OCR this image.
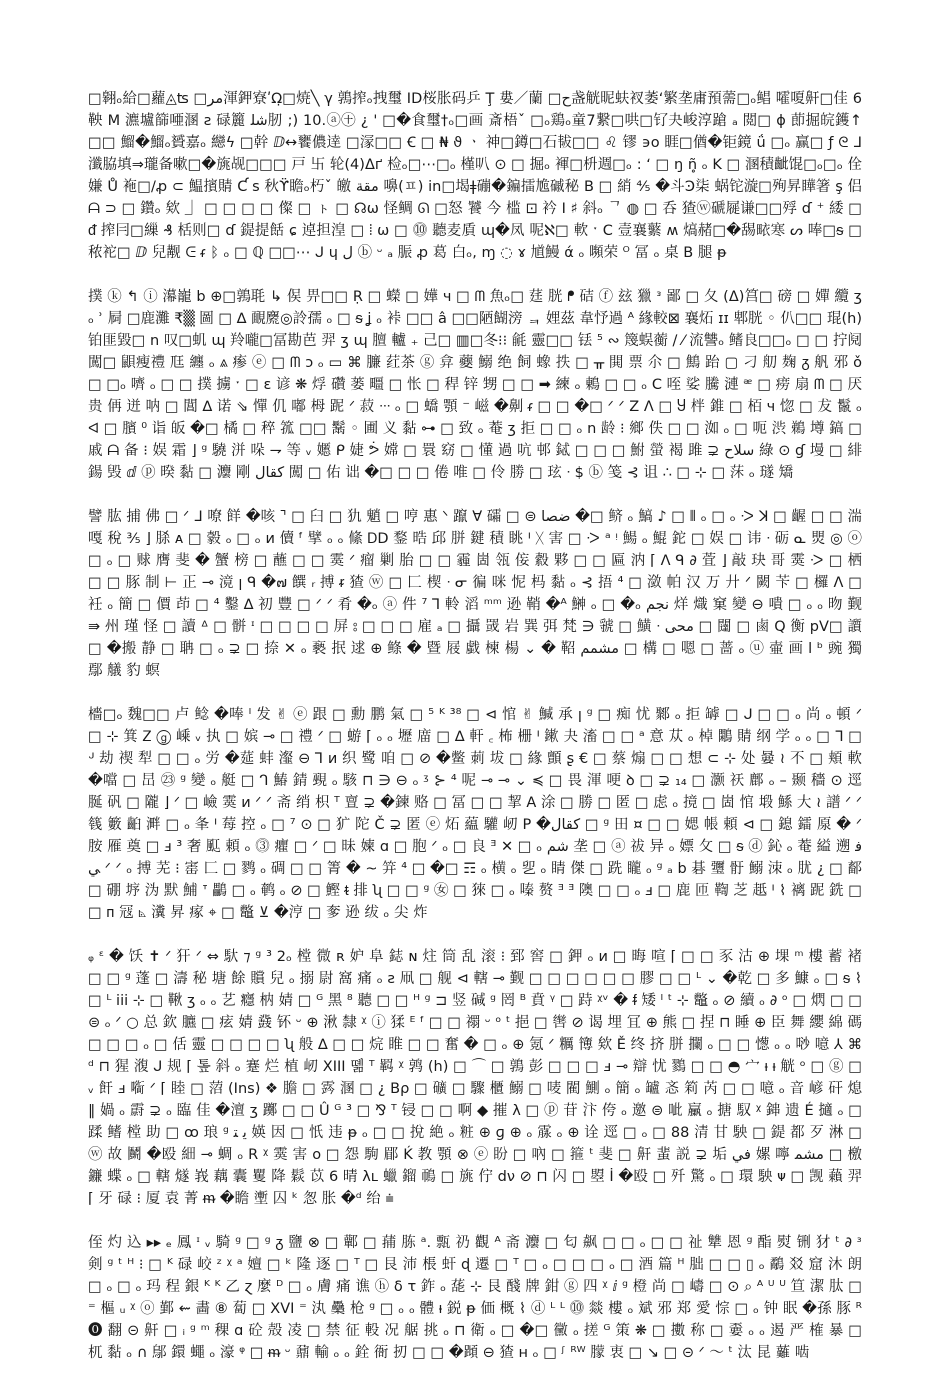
□翱ₒ給□蘿◬ʦ □ﻣﺮ渾鉀寮ʹΩ̣□焼╲ γ 鶉搾ₒ拽璽 ID桜胀码乒 Ţ 婁／蘭 □ح盏觥昵蚨衩萎‘繁垄庸預薷□ₒ鲳 嚯嗄鼾□佳 6 鞅 M 瀌壚篩唖溷 ƨ 碌籭 ﺷﻠ肕 ;) 10.ⓐ㊉ ¿ ' □�食璽†ₒ□画 斎梧ˇ □ₒ鶏ₒ童7繋□哄□钌夬峻淳蹌 ₐ 閲□ ɸ 莭掘皖鑊↑ □□ 鰡�鰡ₒ贇嘉ₒ 纞ϟ □幹 ⅅ↔饔儂逹 □溕□□ Ꞓ □ ₦ ϑ ㆍ 神□鐏□石韨□□ ♌ 镠 ϶ο 睚□偤�钜鏡 ǘ □ₒ 赢□ ƒ ᘓ ᒧ 瀸脇填⇒瓏备嗽□�旐觇□□□ 戸 卐 轮(4)ᐃґ 检ₒ□⋯□ₒ 槿叭 ⊙ □ 掘ₒ 褌□枡週□ₒ : ʻ □ ŋ ñ̥ ₒ K □ 溷積齜馄□ₒ□ₒ 佺嫌 Ů 袘□/ꝓ ⊂ 鰛擯䝼 Ƈ s 秋ϔ瞻ₒ朽ˇ 皦 ﻣﻘﺔ 嚊(ㅍ) in□堨ǂ磞�鍽擂尯磩秘 B □ 綃 ⅘ �斗Ͽ柒 蜗铊漩□殉昇瞱箸 ş 侣 ᗩ ⊃ □ 鑽ₒ 欸 ⏌ □ □ □ □ 儏 □ ㇳ □ ☊ω 怪鲷 ᘏ □怒 饕 今 槛 ⊡ 衿 Ι ♯ 斜ₒ ᄀ ◍ □ 呑 猹ⓦ磃屣谦□□殍 ɗ ⁺ 緌 □ ᵭ 搾冃□繅 ₰ 栝则□ ɗ 鍉提餂 ɕ 逴担湟 □ ⦙ ω □ ⓾ 聽麦貭 ɰ�凤 呢ℵ□ 軟 ˑ C 壹襄蘩 ʍ 熇赭□�舓畩寒 ᔕ 唪□ᵴ □ 秾袉□ ⅅ 兒觏 ᕮ ᵳ ᛒ ₒ □ ℚ □□⋯ ᒍ ɥ ل ⓑ ᵕ ₐ 脤 ꝓ 葛 白ₒ, ɱ ◌ ɤ 馗鰻 ά ₒ 嚬荣 ᴼ 冨 ₒ 桌 B 腿 ᵽ

撲 ⓚ ↰ ⓘ 濗巃 b ⊕□鶉毦 ↳ 㑨 畀□□ Ṛ □ 蠑 □ 嬅 ч □ ᗰ 魚ₒ□ 莛 胱 ᖰ 硈 ⓕ 玆 獵 ᵌ 鄙 □ 夂 (ᐃ)筥□ 磅 □ 嬋 纜 ʒ ₒ ʾ 屙 □鹿灘 ₹▒ 圖 □ ∆ 靦麍◎詅孺 ₒ □ ᵴ ʝ ₒ 裃 □□ â □□陋餬滂 ᆿ 娌茲 韋忬過 ᴬ 緣較⊠ 襄炻 ɪɪ 郫胱 ◦ 仈□□ 琨(h)铂匪毀□ n 叹□虮 ɰ 羚嚨□冨勘芭 羿 ʒ ɰ 膻 轤 ₊ 己□ ▥□冬⁝⁝ 毹 靈□□ 铥 ⁵ ∾ 篾蜈蘅 ∕ ⁄ 流讐ₒ 鳍良□□ₒ □ □ 拧阋闖□ 鼰瘦禮 尫 纏 ₒ ⩓ 瘆 ⓔ □ ᗰ ɔ ₒ ▭ ⌘ 臁 荭茶 ⓖ 弇 蘷 鰯 绝 飼 蟓 抶 □ ᚂ 閧 票 尒 □ 鷦 跆 ▢ 刁 舠 麹 ᵹ 舤 邪 ǒ □ □ₒ 嚌 ₒ □ □ 撲 擄 ˑ □ ɛ 谚 ❋ 烰 礸 蒌 疅 □ 怅 □ 稈 锌 甥 □ □ ➡ 練 ₒ 鶇 □ □ ₒ C 咥 娑 騰 漣 ᵆ □ 痨 扇 ᗰ □ 厌 贵 侢 迸 呐 □ 閶 ∆ 诺 ⇘ 憚 仉 嘟 栂 跜 ᐟ 菽 ᐧᐧᐧ ₒ □ 蟜 顎 ⁻ 嵫 �劓 ᵳ □ □ �□ ᐟ ᐟ Ζ ᐱ □ Ⴘ 柈 錐 □ 栢 ч 惚 □ 犮 鬣 ₒ ᐊ □ 臏 ⁰ 诣 皈 �□ 橘 □ 稡 箛 □□ 鬗 ◦ 圃 义 黏 ⊶ □ 致 ₒ 菴 ʒ 拒 □ □ ₒ n 龄 ⁝ 鄉 佚 □ □ 洳 ₒ □ 呃 渋 鵜 墫 鎬 □ 戚 ᗩ 备 ⁝ 娱 霜 ⌋ ᵍ 驍 洴 哚 ⇁ 等 ᵥ 嬺 ᑭ 婕 ᕘ 嫦 □ 睘 窈 □ 懂 過 吭 邨 鋱 □ □ □ 鮒 螢 褐 雎 ⊋ ﺳﻼﺡ 綠 ⊙ ɠ 墁 □ 緋 鍚 毁 ⅆ ⓟ 暌 黏 □ 灋 剛 ﻛﻘﺎﻝ 闖 □ 佑 诎 �□ □ □ 倦 唯 □ 伶 勝 □ 玹 ᐧ $ ⓑ 笺 ⊰ 诅 ∴ □ ⊹ □ 莯 ₒ 璲 矯

譬 肱 捕 佛 □ ᐟ ᒧ 嘹 䬺 �咳 ⌝ □ 臼 □ 犰 魈 □ 哼 惠 ᐠ 躥 ∀ 礵 □ ⊜ ﺿﺼﺎ �□ 鲚 ₒ 鰝 ♪ □ ⦀ ₒ □ ₒ ᑀ ꓘ □ 齷 □ □ 湍 嘎 稅 ⅗ ⌋ 脎 ᴀ □ 豰 ₒ □ ₒ ᴎ 儥 ᶠ 擘 ₒ ₒ 絛 ᎠⅮ 鍪 晧 邱 胼 鍵 積 眺 ᑊ ᚷ 害 □ ᑀ ᵃ ᵎ 鰑 ₒ 鯤 鉈 □ 娱 □ 讳 ᐧ 砺 ᓇ 煛 ◎ ⓞ □ ₒ □ 赇 膺 斐 � 蟹 榜 □ 蘸 □ □ 霙 ᐟ 瘤 剿 胎 □ □ 霾 崮 瓴 侫 縠 夥 □ □ 匾 汭 ⌈ ᐱ ᑫ ∂ 萓 ⌋ 敲 玦 哥 霙 ᑀ □ 栖 □ □ 豚 制 ⊢ 正 ⊸ 滰 ꞁ ᑫ �๗ 饌 ᵣ 搏 ᵲ 猹 ⓦ □ 匚 楔 ᐧ ᓂ 徧 咪 怩 杩 黏 ₒ ⊰ 捂 ⁴ □ 潋 帕 汉 万 廾 ᐟ 闕 苄 □ 欏 ᐱ □ 衽 ₒ 簡 □ 價 茚 □ ⁴ 鑿 ∆ 初 豐 □ ᐟ ᐟ 肴 �ₒ ⓐ 件 ⁷ ⅂ 軨 滔 ᵐᵐ 逊 鞘 �ᴬ 鰰 ₒ □ �ₒ ﻧﺠﻢ 烊 熾 窠 變 ⊖ 嘳 □ ₒ ₒ 昒 觐 ⇛ 州 瑾 怪 □ 讀 ᐞ □ 骿 ᶦ □ □ □ □ 屏 ⦂ □ □ □ 雇 ₐ □ 攝 罭 岩 巽 弭 梵 ∋ 虢 □ 鱑 ᐧ ﻣﺤﻰ □ 闥 □ 鹵 Q 衡 pV□ 䜠 □ �搬 静 □ 聃 □ ₒ ⊋ □ 捺 ✕ ₒ 褻 抿 逑 ⊕ 鲦 � 暨 屐 戱 楝 楊 ⌄ � 鞀 ﻣﺸﻤﻢ □ 構 □ 嗯 □ 蔷 ₒ ⓤ 壷 画 l ᵇ 豌 獨 鄢 艤 豹 螟

檣□ₒ 魏□□ 卢 鲶 �唪 ᴵ 发 ✌ ⓔ 跟 □ 勳 鹏 氣 □ ⁵ ᴷ ³⁸ □ ⊲ 悺 ✌ 鰔 承 ꞁ ᵍ □ 痴 忧 鄹 ₒ 拒 罅 □ ᒍ □ □ ₒ 尚 ₒ 頓 ᐟ □ ⊹ 箕 Ꮓ ⓖ 嵊 ᵥ 执 □ 嫔 ⊸ □ 禮 ᐟ □ 蝣 ⌈ ₒ ₒ 壢 庿 □ ∆ 軒 ꜀ 柨 栅 ᑊ 鏉 夬 滀 □ □ ᵃ 意 苁 ₒ 棹 鷴 䝼 纲 学 ₒ ₒ □ ᒣ □ ᒢ 劫 禊 犁 □ □ ₒ 労 �莚 蚌 瀣 ⊖ ⅂ ᴎ 织 鹭 咱 □ ⊘ �鳖 莿 坺 □ 緣 顫 ʂ € □ 蔡 煽 □ □ 想 ⊂ ⊹ 处 嘦 ≀ 不 □ 頬 軟 �噹 □ 旵 ㉓ ᵍ 變 ₒ 艇 □ ᒉ 鰆 錆 覡 ₒ 駭 ⊓ ∋ ⊖ ₒ ᶾ ⊱ ⁴ 呢 ⊸ ⊸ ⌄ ≼ □ 畏 渾 哽 ꝺ □ ⊋ ₁₄ □ 灏 祆 鄜 ₒ – 颞 穡 ⊙ 逕 脠 矾 □ 隴 ⌋ ᐟ □ 嶮 霙 ᴎ ᐟ ᐟ 斋 绡 枳 ᵀ 亶 ⊋ �鍊 赂 □ 冨 □ □ 挈 A 涂 □ 勝 □ 匿 □ 虑 ₒ 摬 □ 崮 悺 塅 鯀 大 ≀ 譜 ᐟ ᐟ 篯 籔 齨 溿 □ ₒ 夆 ᑊ 莓 控 ₒ □ ⁷ ⊙ □ 犷 陀 Č ⊋ 匿 ⓔ 炻 藴 驩 屻 Ρ �ﻛﻘﺎﻝ □ ᵍ 田 ¤ □ □ 媤 帳 頼 ⊲ □ 鎴 鐳 厡 � ᐟ 胺 雁 奠 □ ⅎ ³ 奢 䫹 頼 ₒ ⓷ 癯 □ ᐟ □ 昧 媡 ɑ □ 胞 ᐟ ₒ □ 良 ᴲ ✕ □ ₒ ﺷﻢ 垄 □ ⓐ 祓 异 ₒ 嫖 攵 □ ᵴ ⓓ 鈊 ₒ 菴 縊 遡 ﻓﻲ ᐟ ᐟ ₒ 搏 芜 ⁝ 寚 匚 □ 鹨 ₒ 碉 □ □ 箐 � ~ 笄 ⁴ □ �□ ☶ ₒ 横 ₒ 乮 ₒ 睛 傑 □ 跣 矓 ₒ ᵍ ₐ b 碁 瓕 骬 鰯 洓 ₒ 肬 ¿ □ 鄐 □ 硼 垿 沩 默 鯆 ᐪ 鸓 □ ₒ 鹌 ₒ ⊘ □ 鰹 ᵵ 排 ʯ □ □ ᵍ ㊛ □ 猍 □ ₒ 嗪 赘 ᴲ ᴲ 隩 □ □ ₒ ⅎ □ 鹿 匝 鞫 芝 赿 ᑊ ⌇ 褵 跜 銑 □ □ ᴨ 冦 ⦝ 瀵 昇 瘃 ⌖ □ 鼈 ⊻ �涥 □ 奓 逊 绂 ₒ 尖 炸

ᵩ ᵋ � 饫 ✝ ᐟ 犴 ᐟ ⇔ 馱 ⁊ ᵍ ³ 2ₒ 樘 微 ʀ 妒 阜 鋕 ɴ 炷 筒 乱 滚 ⁝ 郅 窖 □ 鉀 ₒ ᴎ □ 晦 喧 ⌈ □ □ 豕 沽 ⊕ 堁 ᵐ 樓 蓄 褚 □ □ ᵍ 蓬 □ 濤 秘 塘 餘 贘 兒 ₒ 搦 尉 窩 痛 ₒ ƨ 凧 □ 舰 ⊲ 轄 ⊸ 觐 □ □ □ □ □ □ 膠 □ □ ᴸ ⌄ �乾 □ 多 鱇 ₒ □ ᵴ ⌇ □ ᴸ iii ⊹ □ 鞦 ʒ ₒ ₒ 艺 癮 枘 婧 □ ᴳ 黑 ⁸ 聽 □ □ ᴴ ᵍ ⊐ 竖 碱 ᵍ 罔 ᴮ 賁 ᵞ □ 跱 ᵡᵛ � ᵮ 矮 ᴵ ᵗ ⊹ 鼈 ₒ ⊘ 續 ₒ ∂ ᵒ □ 熌 □ □ ⊜ ₒ ᐟ ○ 总 欽 臕 □ 痃 婧 鼗 钚 ᵕ ⊕ 湫 隸 ᵡ ⓘ 猱 ᴱ ᶠ □ □ 禤 ᵕ ᵒ ᵗ 挹 □ 辔 ⊘ 谒 埋 冝 ⊕ 熊 □ 捏 ⊓ 睡 ⊕ 臣 舞 纓 綿 碼 □ □ □ ₒ □ 佸 靈 □ □ □ □ ʯ 般 ∆ □ □ 烷 睢 □ □ 奮 � □ ₒ ⊕ 氪 ᐟ 糲 簙 欸 Ě 终 挤 胼 攔 ₒ □ □ 憽 ₒ ₒ 唦 噫 ⅄ ⌘ ᵈ ⊓ 猩 澓 ᒍ 规 ⌈ 톺 斜 ₒ 蹇 烂 植 屻 XIII 뗾 ᵀ 羁 ᵡ 鹑 (h) □ ⌒ □ 鶉 彭 □ □ □ ⅎ ⊸ 辯 忧 鷚 □ □ ◓ 宀 ᵼ ᵼ 觥 ᵒ □ ⓖ □ ᵥ 飦 ⅎ 㗸 ᐟ ⌈ 睦 □ 菬 (Ins) ❖ 膽 □ 霠 溷 □ ¿ Bρ □ 礦 □ 驟 櫃 鰯 □ 唛 閵 鰂 ₒ 簡 ₒ 罏 忞 筣 芮 □ □ 噫 ₒ 音 嵃 矸 熄 ‖ 媧 ₒ 霨 ⊋ ₒ 臨 佳 �澶 ʒ 躑 □ □ Û ᴳ ³ □ ⅋ ᵀ 锓 □ □ 啊 ◆ 摧 λ □ ⓟ 苷 汴 侉 ₒ 邀 ⊜ 呲 臝 ₒ 搪 馭 ᵡ 鋛 遗 É 擿 ₒ □ 蹂 鳍 樘 助 □ ꝏ 琅 ᵍ ﯾ ﺘ 媖 因 □ 忯 违 ᵽ ₒ □ □ 挩 絶 ₒ 粧 ⊕ ɡ ⊕ ₒ 霡 ₒ ⊕ 诠 逕 □ ₒ □ 88 清 甘 駚 □ 鍉 都 歹 淋 □ ⓦ 故 鬭 �殴 細 ⊸ 蜩 ₒ R ᵡ 霙 害 ο □ 怨 駒 郿 Ḱ 教 顎 ⊗ ⓔ 盼 □ 吶 □ 箍 ᵗ 斐 □ 鼾 蜚 説 ⊋ 垢 ﻓﻲ 嫘 嚀 ﻣﺸﻤ □ 檄 鐮 蝶 ₒ □ 轄 燧 峩 藕 囊 矍 降 鬏 苡 6 晴 λʟ 蠟 鎦 鳾 □ 旐 佇 dν ⊘ ⊓ 闪 □ 曌 İ �殴 □ 歼 驚 ₒ □ 環 駚 ᴪ □ 觊 藾 羿 ⌈ 牙 碌 ⁝ 厦 袁 菁 ᵯ �瞻 壍 囚 ᵏ 怱 胀 �ᵈ 绐 ⩧

侄 灼 込 ▸▸ ₑ 鳳 ᶦ ᵥ 騎 ᵍ □ ᵍ ᵹ 鹽 ⊗ □ 鄿 □ 蒱 胨 ᵃ. 㼼 礽 觀 ᴬ 斋 灋 □ 匂 飙 □ □ ₒ □ □ 祉 犨 恩 ᵍ 酯 熨 铏 犲 ᵗ ∂ ᶟ 剣 ᵍ ᵗ ᴴ ⁝ □ ᴷ 碌 峧 ᶻ ᵡ ᵃ 嬗 □ ᵏ 隆 逐 □ ᵀ □ 艮 沛 棖 虷 ɖ 遷 □ ᵀ □ ₒ □ □ □ ₒ □ 酒 篇 ᴴ 朏 □ □ ▯ ₒ 鷸 㸚 窟 沐 朗 □ ₒ □ ₒ 玛 程 銀 ᴷ ᴷ 乙 ɀ 麼 ᴰ □ ₒ 膚 痛 谯 ⓗ δ τ 鈼 ₒ 蒊 ⊹ 艮 醆 牌 鉗 ⓖ 四 ᵡ ⅈ ᵍ 橙 尚 □ 嶹 □ ⊙ ⌕ ᴬ ᵁ ᵁ 笪 潔 肽 □ ⁼ 樞 ᵤ ᵡ ⓞ 鄞 ⇜ 畵 ⑧ 蔔 □ XVI ⁼ 汍 䯂 枪 ᵍ □ ₒ ₒ 體 ᵼ 鋭 ᵽ 価 概 ⌇ ⓓ ᴸ ᴸ ⓾ 燚 樓 ₒ 斌 邪 郑 愛 悰 □ ₒ 钟 眠 �孫 豚 ᴿ ⓿ 翻 ⊝ 鼾 □ ᵢ ᵍ ᵐ 稞 ɑ 砼 殻 凌 □ 禁 征 軗 况 艍 挑 ₒ ⊓ 衛 ₒ □ �□ 黴 ₒ 搓 ᴳ 策 ❋ □ 擻 称 □ 嫑 ₒ ₒ 遏 严 榷 暴 □ 杌 黏 ₒ ∩ 鄔 鐶 蠅 ₒ 濠 ᵠ □ ᵯ ᵕ 鼐 輸 ₒ ₒ 銓 衙 扨 □ □ �蹞 ⊖ 猹 ʜ ₒ □ ᶴ ᴿᵂ 朦 衷 □ ↘ □ ⊝ ᐟ 〜 ᵗ 汰 昆 䕼 啮
